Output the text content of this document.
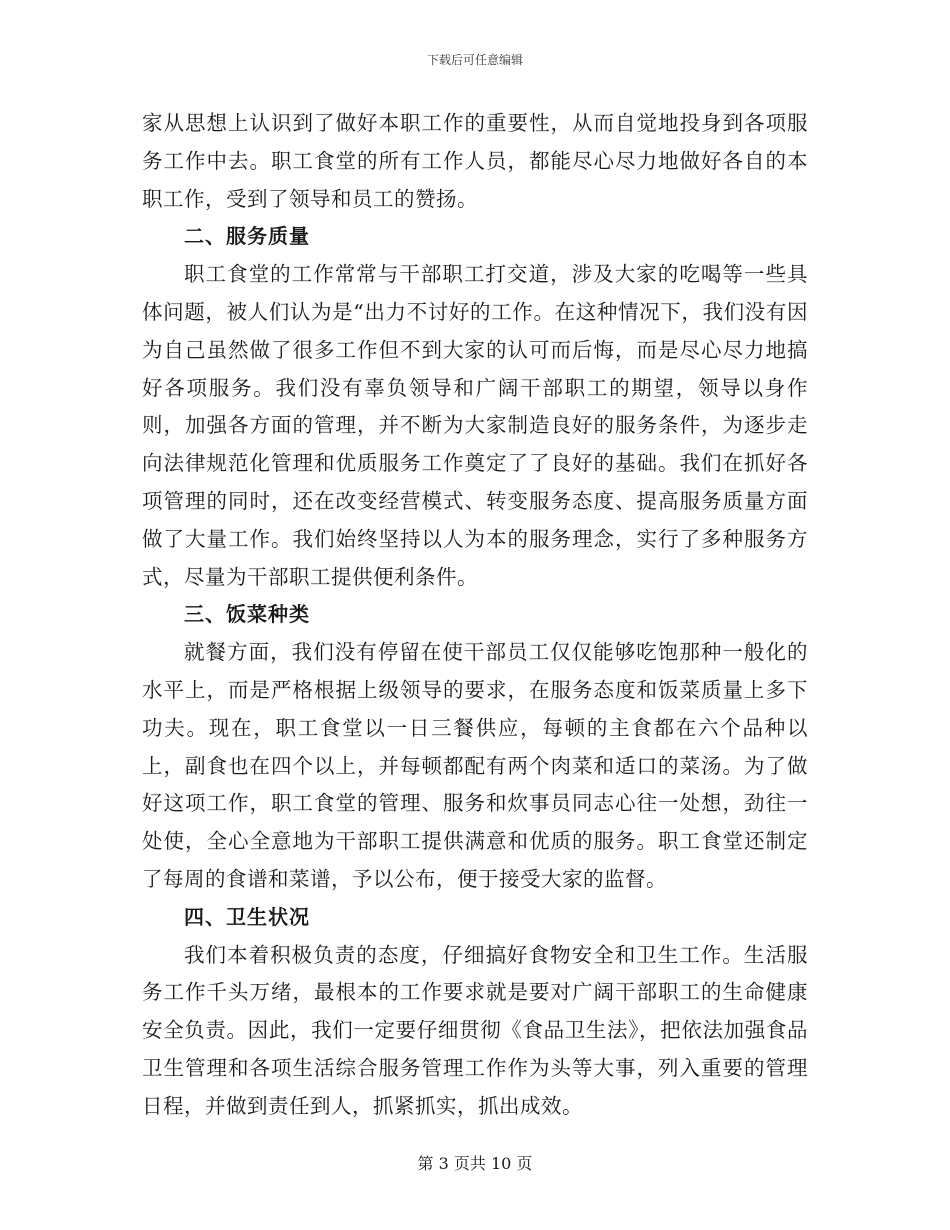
下载后可任意编辑

家从思想上认识到了做好本职工作的重要性，从而自觉地投身到各项服务工作中去。职工食堂的所有工作人员，都能尽心尽力地做好各自的本职工作，受到了领导和员工的赞扬。

二、服务质量

职工食堂的工作常常与干部职工打交道，涉及大家的吃喝等一些具体问题，被人们认为是“出力不讨好的工作。在这种情况下，我们没有因为自己虽然做了很多工作但不到大家的认可而后悔，而是尽心尽力地搞好各项服务。我们没有辜负领导和广阔干部职工的期望，领导以身作则，加强各方面的管理，并不断为大家制造良好的服务条件，为逐步走向法律规范化管理和优质服务工作奠定了了良好的基础。我们在抓好各项管理的同时，还在改变经营模式、转变服务态度、提高服务质量方面做了大量工作。我们始终坚持以人为本的服务理念，实行了多种服务方式，尽量为干部职工提供便利条件。

三、饭菜种类

就餐方面，我们没有停留在使干部员工仅仅能够吃饱那种一般化的水平上，而是严格根据上级领导的要求，在服务态度和饭菜质量上多下功夫。现在，职工食堂以一日三餐供应，每顿的主食都在六个品种以上，副食也在四个以上，并每顿都配有两个肉菜和适口的菜汤。为了做好这项工作，职工食堂的管理、服务和炊事员同志心往一处想，劲往一处使，全心全意地为干部职工提供满意和优质的服务。职工食堂还制定了每周的食谱和菜谱，予以公布，便于接受大家的监督。

四、卫生状况

我们本着积极负责的态度，仔细搞好食物安全和卫生工作。生活服务工作千头万绪，最根本的工作要求就是要对广阔干部职工的生命健康安全负责。因此，我们一定要仔细贯彻《食品卫生法》，把依法加强食品卫生管理和各项生活综合服务管理工作作为头等大事，列入重要的管理日程，并做到责任到人，抓紧抓实，抓出成效。

第 3 页共 10 页
